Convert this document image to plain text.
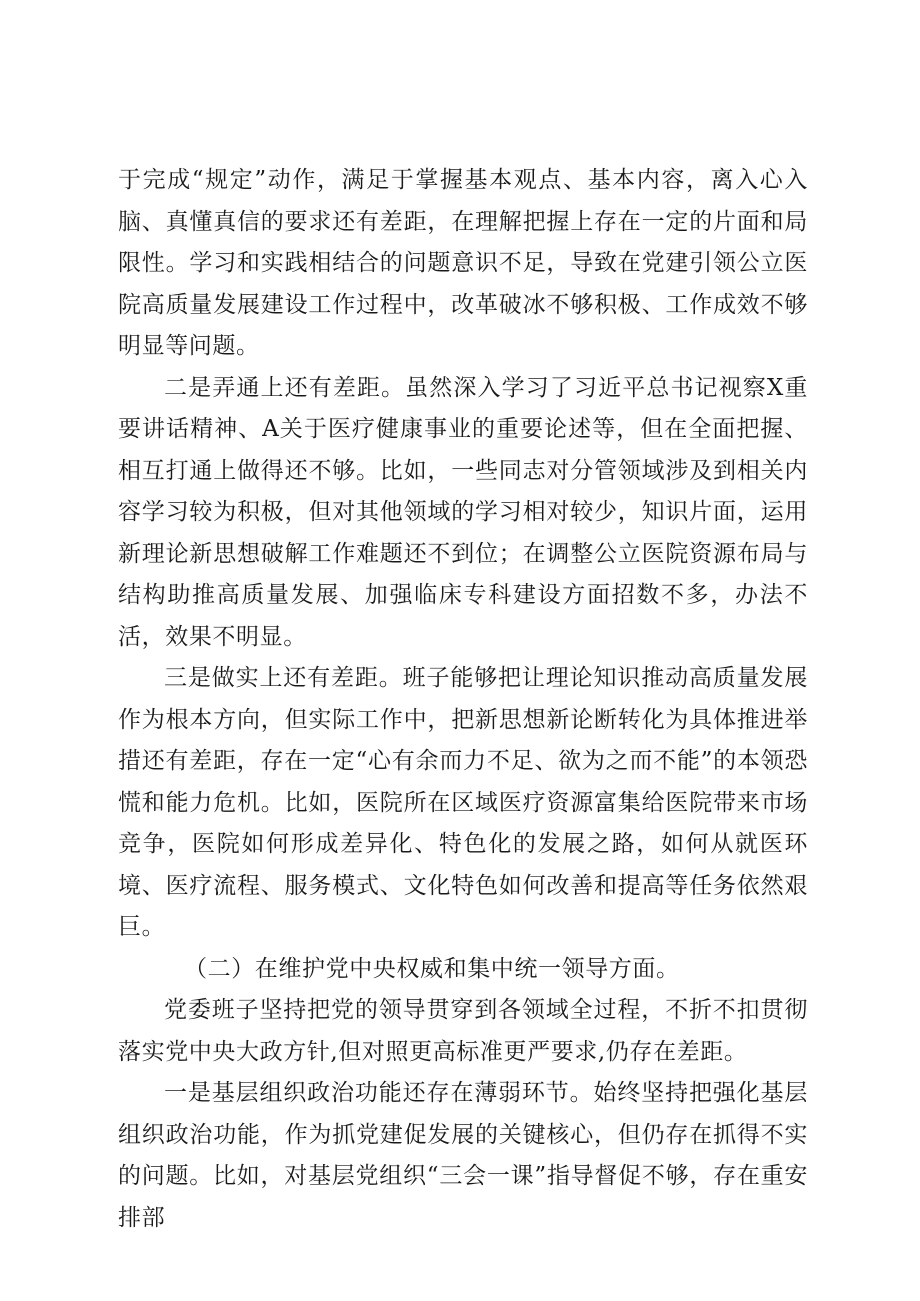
于完成“规定”动作，满足于掌握基本观点、基本内容，离入心入脑、真懂真信的要求还有差距，在理解把握上存在一定的片面和局限性。学习和实践相结合的问题意识不足，导致在党建引领公立医院高质量发展建设工作过程中，改革破冰不够积极、工作成效不够明显等问题。

二是弄通上还有差距。虽然深入学习了习近平总书记视察X重要讲话精神、A关于医疗健康事业的重要论述等，但在全面把握、相互打通上做得还不够。比如，一些同志对分管领域涉及到相关内容学习较为积极，但对其他领域的学习相对较少，知识片面，运用新理论新思想破解工作难题还不到位；在调整公立医院资源布局与结构助推高质量发展、加强临床专科建设方面招数不多，办法不活，效果不明显。

三是做实上还有差距。班子能够把让理论知识推动高质量发展作为根本方向，但实际工作中，把新思想新论断转化为具体推进举措还有差距，存在一定“心有余而力不足、欲为之而不能”的本领恐慌和能力危机。比如，医院所在区域医疗资源富集给医院带来市场竞争，医院如何形成差异化、特色化的发展之路，如何从就医环境、医疗流程、服务模式、文化特色如何改善和提高等任务依然艰巨。

（二）在维护党中央权威和集中统一领导方面。

党委班子坚持把党的领导贯穿到各领域全过程，不折不扣贯彻落实党中央大政方针,但对照更高标准更严要求,仍存在差距。

一是基层组织政治功能还存在薄弱环节。始终坚持把强化基层组织政治功能，作为抓党建促发展的关键核心，但仍存在抓得不实的问题。比如，对基层党组织“三会一课”指导督促不够，存在重安排部
